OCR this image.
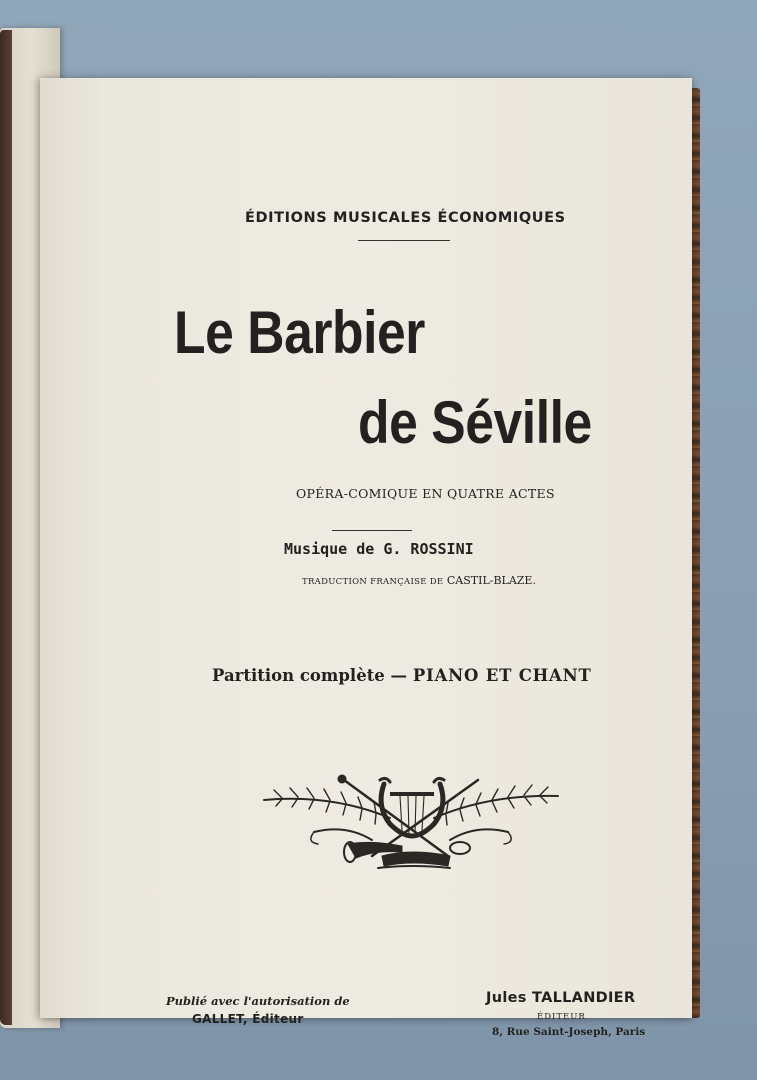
ÉDITIONS MUSICALES ÉCONOMIQUES
Le Barbier
de Séville
OPÉRA-COMIQUE EN QUATRE ACTES
Musique de G. ROSSINI
TRADUCTION FRANÇAISE DE CASTIL-BLAZE.
Partition complète — PIANO ET CHANT
Publié avec l'autorisation de
GALLET, Éditeur
Jules TALLANDIER
ÉDITEUR
8, Rue Saint-Joseph, Paris
